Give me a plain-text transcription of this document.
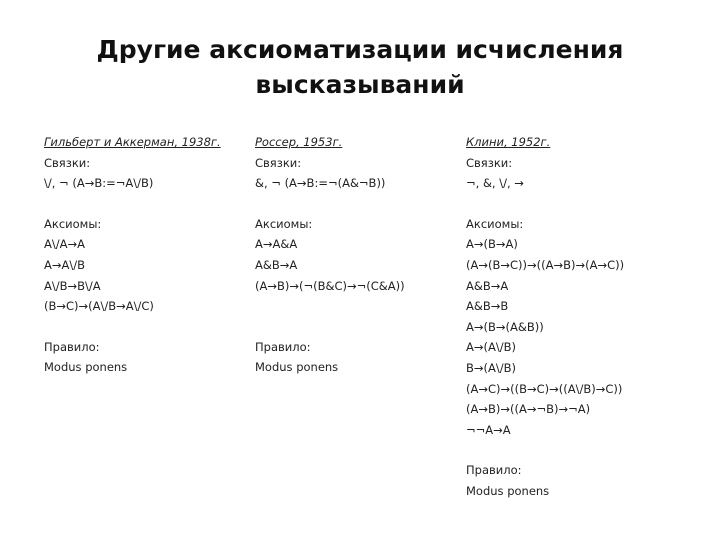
Другие аксиоматизации исчисления
высказываний
Гильберт и Аккерман, 1938г.
Связки:
\/, ¬ (A→B:=¬A\/B)
Аксиомы:
A\/A→A
A→A\/B
A\/B→B\/A
(B→C)→(A\/B→A\/C)
Правило:
Modus ponens
Россер, 1953г.
Связки:
&, ¬ (A→B:=¬(A&¬B))
Аксиомы:
A→A&A
A&B→A
(A→B)→(¬(B&C)→¬(C&A))
Правило:
Modus ponens
Клини, 1952г.
Связки:
¬, &, \/, →
Аксиомы:
A→(B→A)
(A→(B→C))→((A→B)→(A→C))
A&B→A
A&B→B
A→(B→(A&B))
A→(A\/B)
B→(A\/B)
(A→C)→((B→C)→((A\/B)→C))
(A→B)→((A→¬B)→¬A)
¬¬A→A
Правило:
Modus ponens
